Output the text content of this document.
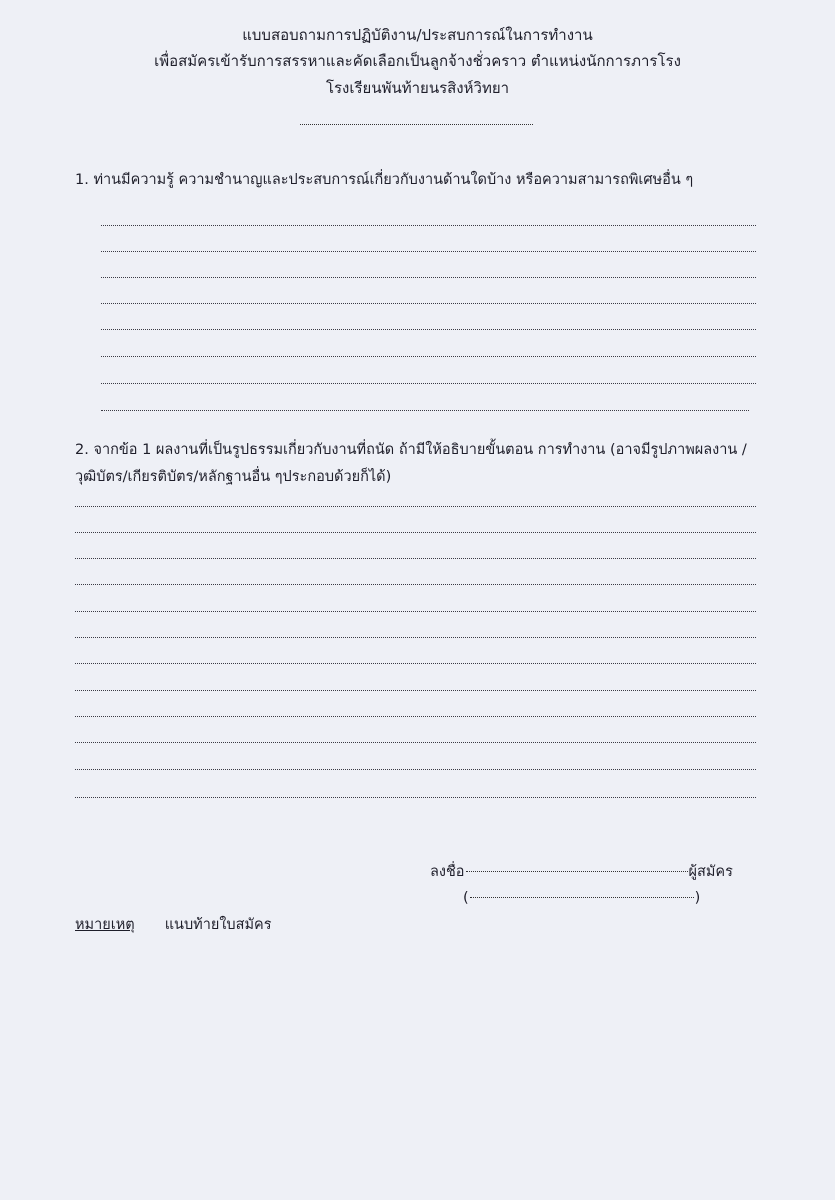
แบบสอบถามการปฏิบัติงาน/ประสบการณ์ในการทำงาน
เพื่อสมัครเข้ารับการสรรหาและคัดเลือกเป็นลูกจ้างชั่วคราว ตำแหน่งนักการภารโรง
โรงเรียนพันท้ายนรสิงห์วิทยา
1. ท่านมีความรู้ ความชำนาญและประสบการณ์เกี่ยวกับงานด้านใดบ้าง หรือความสามารถพิเศษอื่น ๆ
2. จากข้อ 1 ผลงานที่เป็นรูปธรรมเกี่ยวกับงานที่ถนัด ถ้ามีให้อธิบายขั้นตอน การทำงาน (อาจมีรูปภาพผลงาน /
วุฒิบัตร/เกียรติบัตร/หลักฐานอื่น ๆประกอบด้วยก็ได้)
ลงชื่อ	ผู้สมัคร
(	)
หมายเหตุ แนบท้ายใบสมัคร
